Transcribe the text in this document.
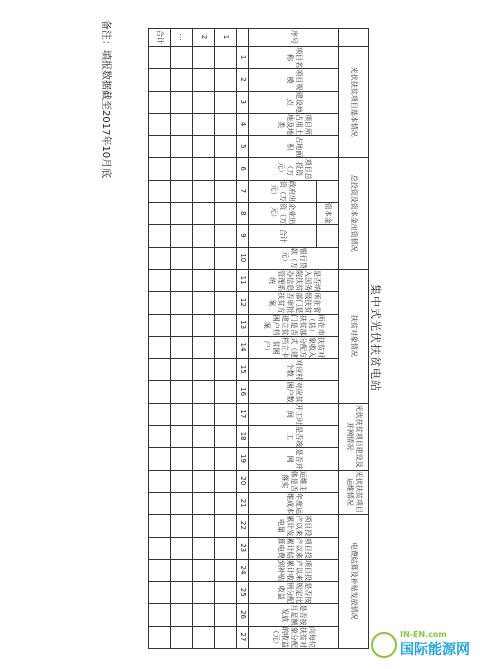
集中式光伏扶贫电站
光伏扶贫项目基本情况
总投资及资本金出资情况
扶贫对象情况
光伏扶贫项目建设及并网情况
光伏扶贫项目运维情况
电费结算及补贴发放情况
资本金
项目名称
1
项目规模
2
建设地点
3
项目所占用土地及地类
4
占地面积
5
项目总投资（万元）
6
政府出资（万元）
7
企业出资（万元）
8
合计
9
银行贷款（万元）
10
是否纳入国务院扶贫办信息管理系统
11
所在省级扶贫部门是否审批扶贫方案
12
所在市（县）扶贫部门是否建立贫困户档案
13
扶贫对象收入分配方式（建档立卡贫困户）
14
对应村个数
15
对应贫困户数
16
开工时间
17
是否竣工
18
是否并网
19
运维主体是否落实
20
年度运维成本
21
项目投产以来累计发电量
22
项目投产以来累计结算电费
23
项目投产以来累计收到补贴
24
是否按规定比例分配收益
25
是否按月足额发放
26
向每位扶贫对象分配的收益（元）
27
序号
1
2
...
合计
备注：填报数据截至2017年10月底
IN-EN.com
国际能源网
